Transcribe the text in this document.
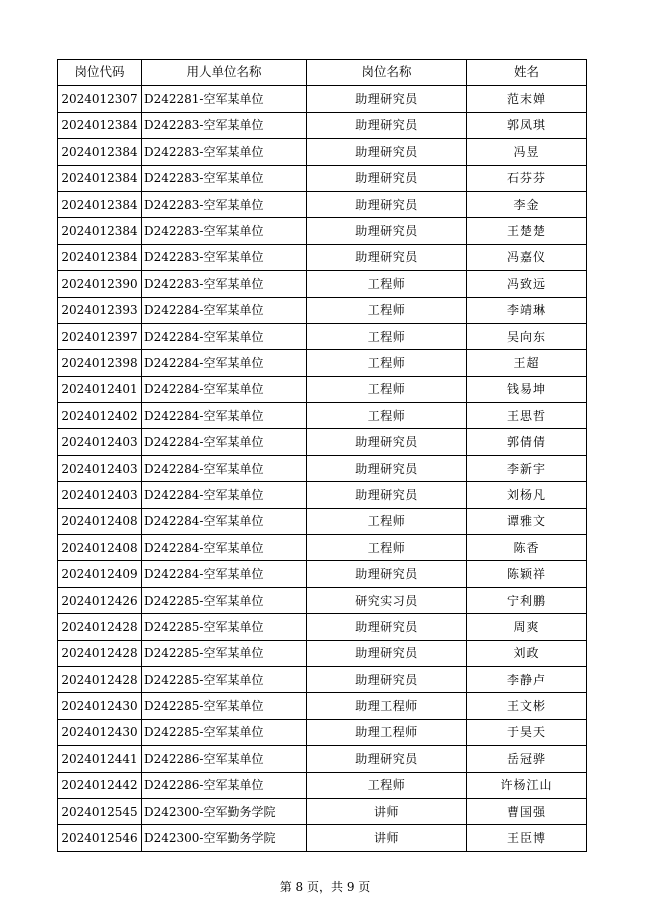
岗位代码	用人单位名称	岗位名称	姓名
2024012307	D242281-空军某单位	助理研究员	范末婵
2024012384	D242283-空军某单位	助理研究员	郭凤琪
2024012384	D242283-空军某单位	助理研究员	冯昱
2024012384	D242283-空军某单位	助理研究员	石芬芬
2024012384	D242283-空军某单位	助理研究员	李金
2024012384	D242283-空军某单位	助理研究员	王楚楚
2024012384	D242283-空军某单位	助理研究员	冯嘉仪
2024012390	D242283-空军某单位	工程师	冯致远
2024012393	D242284-空军某单位	工程师	李靖琳
2024012397	D242284-空军某单位	工程师	吴向东
2024012398	D242284-空军某单位	工程师	王超
2024012401	D242284-空军某单位	工程师	钱易坤
2024012402	D242284-空军某单位	工程师	王思哲
2024012403	D242284-空军某单位	助理研究员	郭倩倩
2024012403	D242284-空军某单位	助理研究员	李新宇
2024012403	D242284-空军某单位	助理研究员	刘杨凡
2024012408	D242284-空军某单位	工程师	谭雅文
2024012408	D242284-空军某单位	工程师	陈香
2024012409	D242284-空军某单位	助理研究员	陈颖祥
2024012426	D242285-空军某单位	研究实习员	宁利鹏
2024012428	D242285-空军某单位	助理研究员	周爽
2024012428	D242285-空军某单位	助理研究员	刘政
2024012428	D242285-空军某单位	助理研究员	李静卢
2024012430	D242285-空军某单位	助理工程师	王文彬
2024012430	D242285-空军某单位	助理工程师	于昊天
2024012441	D242286-空军某单位	助理研究员	岳冠骅
2024012442	D242286-空军某单位	工程师	许杨江山
2024012545	D242300-空军勤务学院	讲师	曹国强
2024012546	D242300-空军勤务学院	讲师	王臣博
第 8 页，共 9 页
